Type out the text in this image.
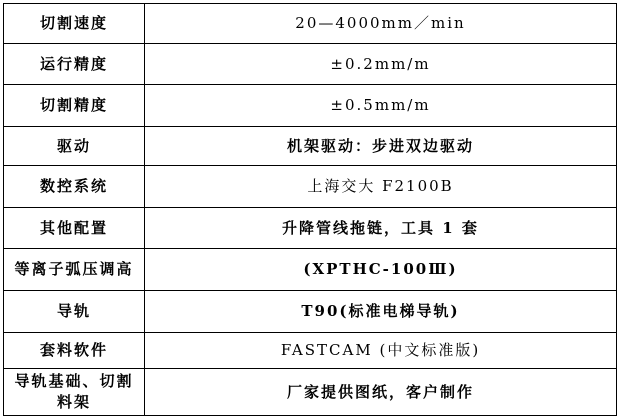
切割速度	20—4000mm／min
运行精度	±0.2mm/m
切割精度	±0.5mm/m
驱动	机架驱动：步进双边驱动
数控系统	上海交大 F2100B
其他配置	升降管线拖链，工具 1 套
等离子弧压调高	(XPTHC-100Ⅲ)
导轨	T90(标准电梯导轨)
套料软件	FASTCAM (中文标准版)
导轨基础、切割料架	厂家提供图纸，客户制作
